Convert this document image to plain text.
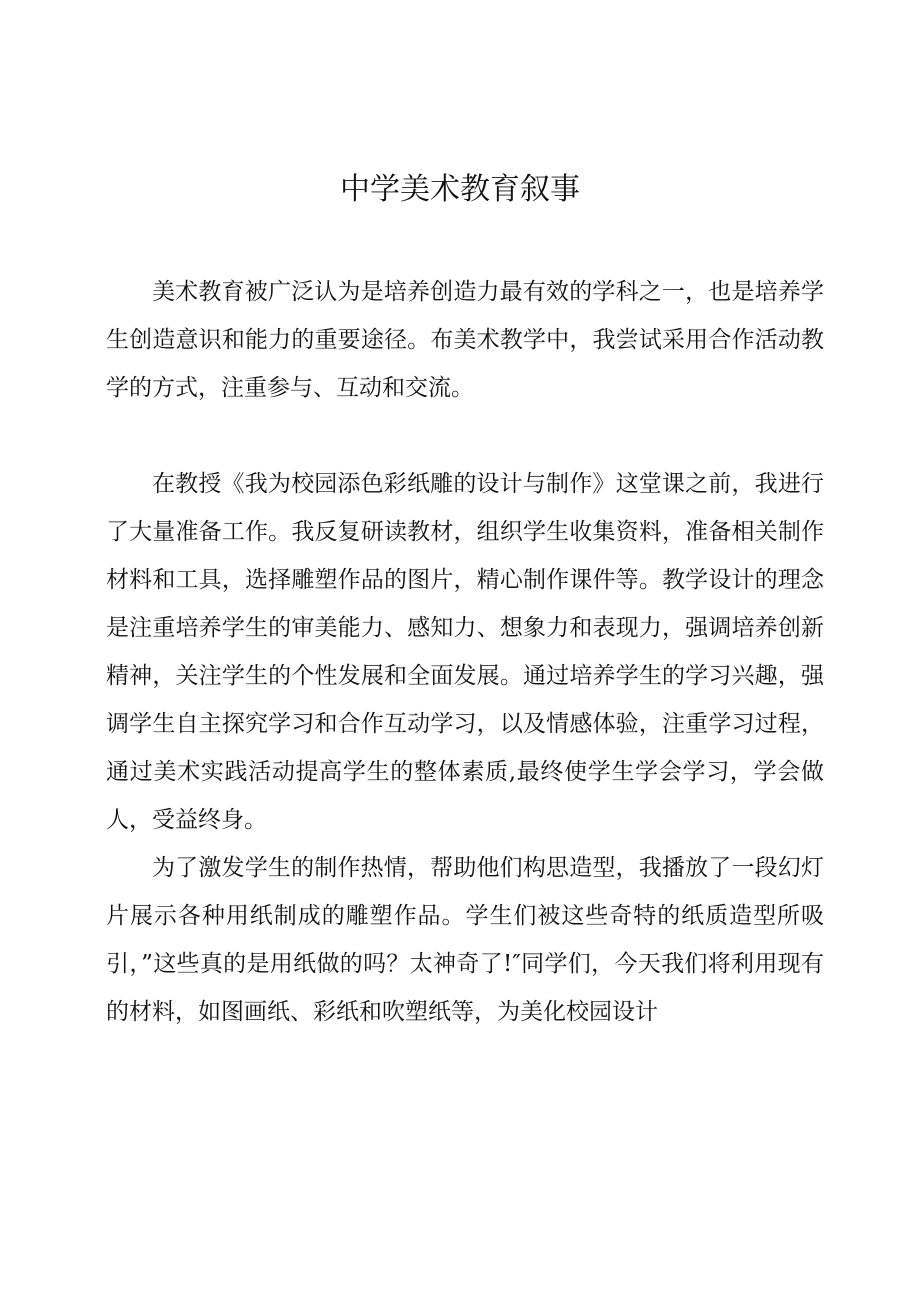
中学美术教育叙事

美术教育被广泛认为是培养创造力最有效的学科之一，也是培养学生创造意识和能力的重要途径。布美术教学中，我尝试采用合作活动教学的方式，注重参与、互动和交流。

在教授《我为校园添色彩纸雕的设计与制作》这堂课之前，我进行了大量准备工作。我反复研读教材，组织学生收集资料，准备相关制作材料和工具，选择雕塑作品的图片，精心制作课件等。教学设计的理念是注重培养学生的审美能力、感知力、想象力和表现力，强调培养创新精神，关注学生的个性发展和全面发展。通过培养学生的学习兴趣，强调学生自主探究学习和合作互动学习，以及情感体验，注重学习过程，通过美术实践活动提高学生的整体素质,最终使学生学会学习，学会做人，受益终身。

为了激发学生的制作热情，帮助他们构思造型，我播放了一段幻灯片展示各种用纸制成的雕塑作品。学生们被这些奇特的纸质造型所吸引，”这些真的是用纸做的吗？太神奇了!″同学们，今天我们将利用现有的材料，如图画纸、彩纸和吹塑纸等，为美化校园设计
